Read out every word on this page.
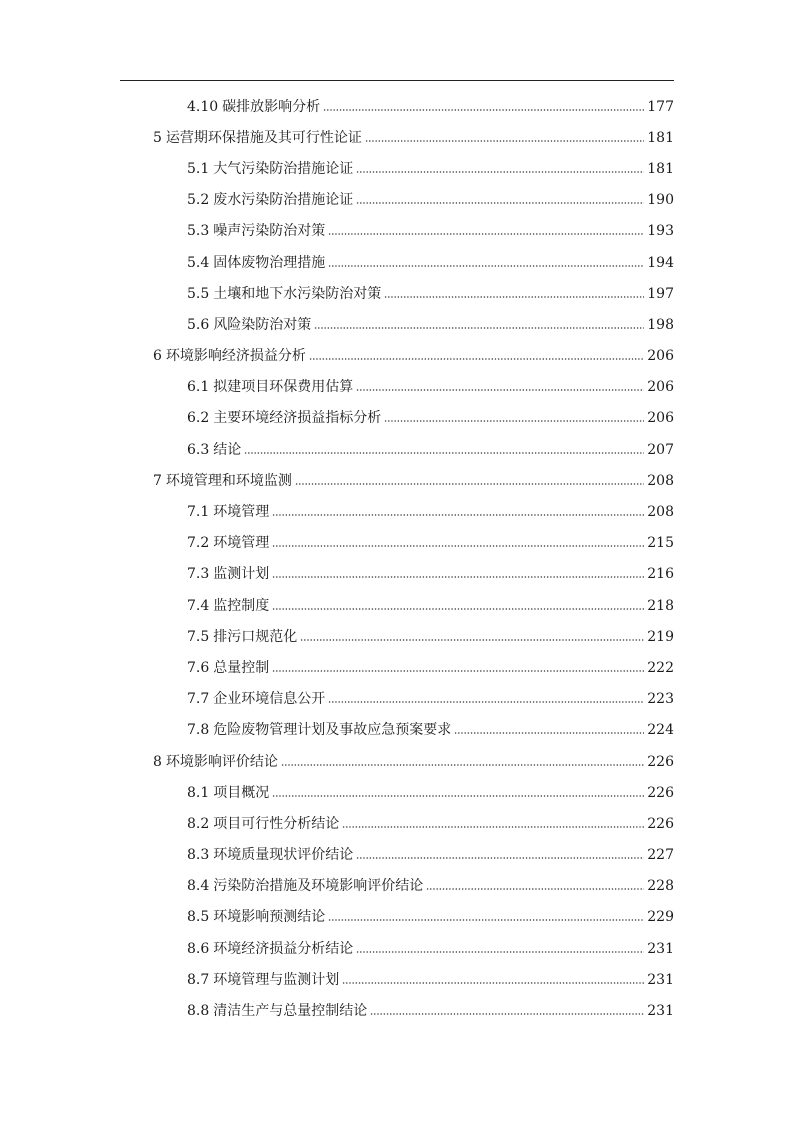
4.10 碳排放影响分析	177
5 运营期环保措施及其可行性论证	181
5.1 大气污染防治措施论证	181
5.2 废水污染防治措施论证	190
5.3 噪声污染防治对策	193
5.4 固体废物治理措施	194
5.5 土壤和地下水污染防治对策	197
5.6 风险染防治对策	198
6 环境影响经济损益分析	206
6.1 拟建项目环保费用估算	206
6.2 主要环境经济损益指标分析	206
6.3 结论	207
7 环境管理和环境监测	208
7.1 环境管理	208
7.2 环境管理	215
7.3 监测计划	216
7.4 监控制度	218
7.5 排污口规范化	219
7.6 总量控制	222
7.7 企业环境信息公开	223
7.8 危险废物管理计划及事故应急预案要求	224
8 环境影响评价结论	226
8.1 项目概况	226
8.2 项目可行性分析结论	226
8.3 环境质量现状评价结论	227
8.4 污染防治措施及环境影响评价结论	228
8.5 环境影响预测结论	229
8.6 环境经济损益分析结论	231
8.7 环境管理与监测计划	231
8.8 清洁生产与总量控制结论	231
